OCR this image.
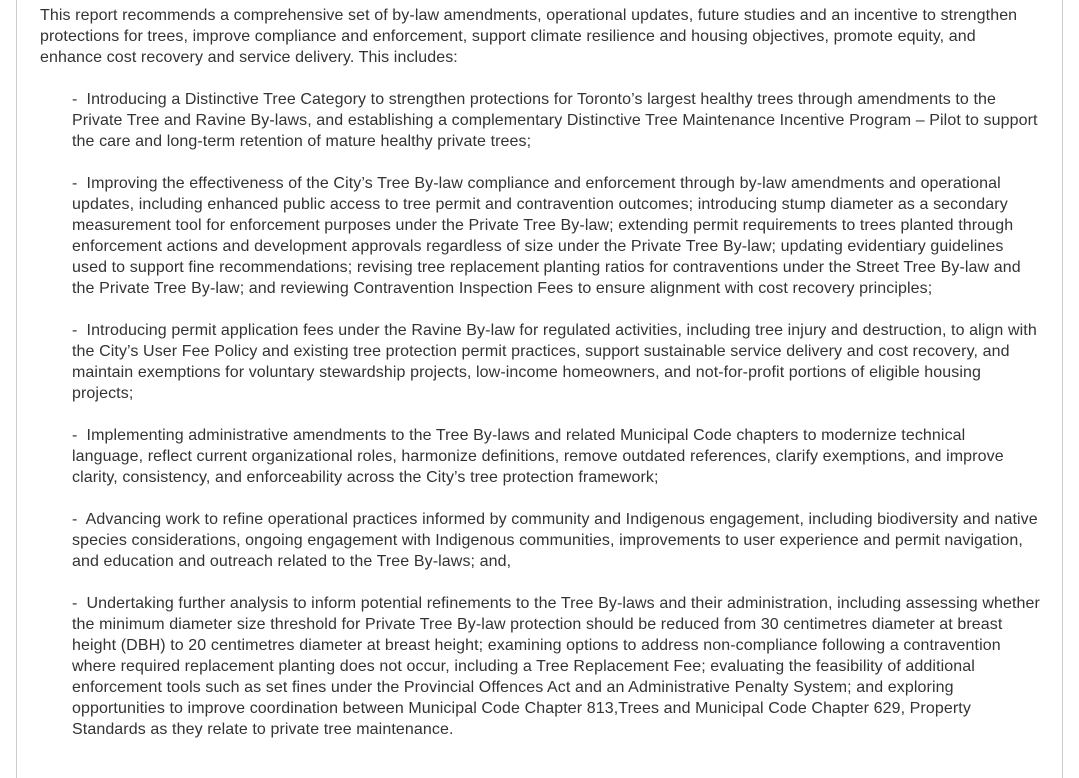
This report recommends a comprehensive set of by-law amendments, operational updates, future studies and an incentive to strengthen protections for trees, improve compliance and enforcement, support climate resilience and housing objectives, promote equity, and enhance cost recovery and service delivery. This includes:

-  Introducing a Distinctive Tree Category to strengthen protections for Toronto’s largest healthy trees through amendments to the Private Tree and Ravine By-laws, and establishing a complementary Distinctive Tree Maintenance Incentive Program – Pilot to support the care and long-term retention of mature healthy private trees;

-  Improving the effectiveness of the City’s Tree By-law compliance and enforcement through by-law amendments and operational updates, including enhanced public access to tree permit and contravention outcomes; introducing stump diameter as a secondary measurement tool for enforcement purposes under the Private Tree By-law; extending permit requirements to trees planted through enforcement actions and development approvals regardless of size under the Private Tree By-law; updating evidentiary guidelines used to support fine recommendations; revising tree replacement planting ratios for contraventions under the Street Tree By-law and the Private Tree By-law; and reviewing Contravention Inspection Fees to ensure alignment with cost recovery principles;

-  Introducing permit application fees under the Ravine By-law for regulated activities, including tree injury and destruction, to align with the City’s User Fee Policy and existing tree protection permit practices, support sustainable service delivery and cost recovery, and maintain exemptions for voluntary stewardship projects, low-income homeowners, and not-for-profit portions of eligible housing projects;

-  Implementing administrative amendments to the Tree By-laws and related Municipal Code chapters to modernize technical language, reflect current organizational roles, harmonize definitions, remove outdated references, clarify exemptions, and improve clarity, consistency, and enforceability across the City’s tree protection framework;

-  Advancing work to refine operational practices informed by community and Indigenous engagement, including biodiversity and native species considerations, ongoing engagement with Indigenous communities, improvements to user experience and permit navigation, and education and outreach related to the Tree By-laws; and,

-  Undertaking further analysis to inform potential refinements to the Tree By-laws and their administration, including assessing whether the minimum diameter size threshold for Private Tree By-law protection should be reduced from 30 centimetres diameter at breast height (DBH) to 20 centimetres diameter at breast height; examining options to address non-compliance following a contravention where required replacement planting does not occur, including a Tree Replacement Fee; evaluating the feasibility of additional enforcement tools such as set fines under the Provincial Offences Act and an Administrative Penalty System; and exploring opportunities to improve coordination between Municipal Code Chapter 813,Trees and Municipal Code Chapter 629, Property Standards as they relate to private tree maintenance.
